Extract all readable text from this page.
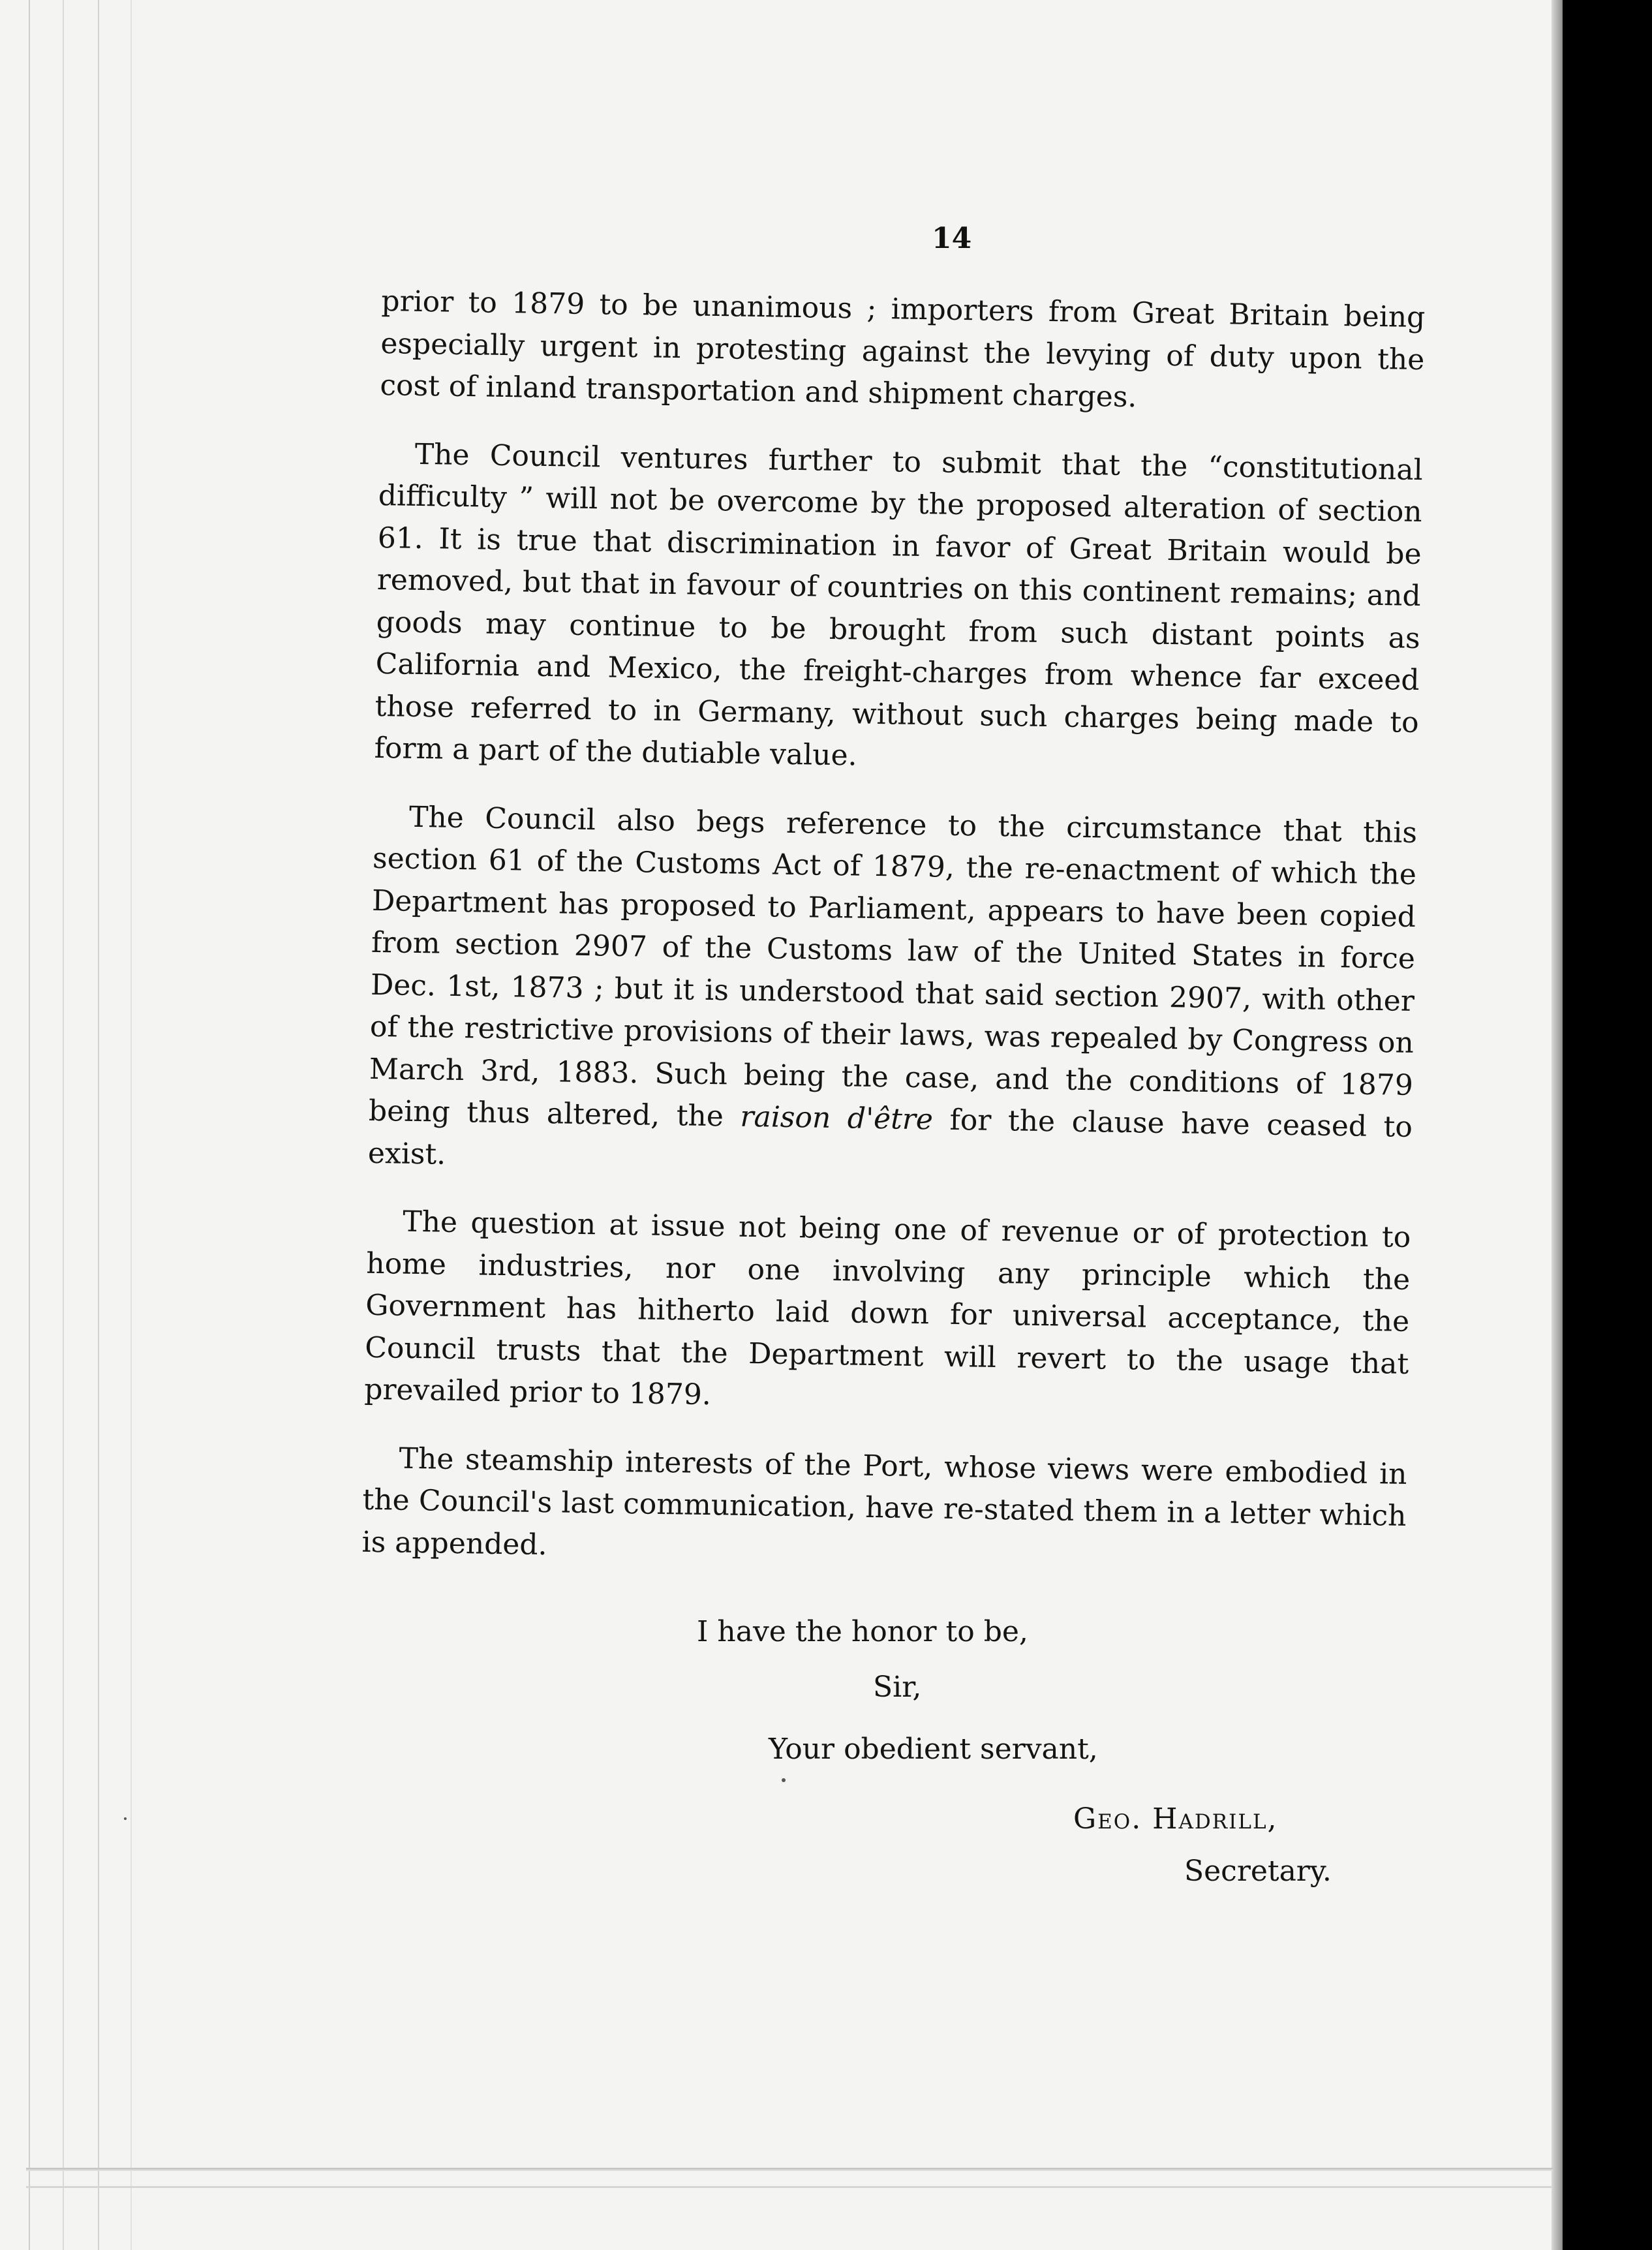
14

prior to 1879 to be unanimous ; importers from Great Britain being especially urgent in protesting against the levying of duty upon the cost of inland transportation and shipment charges.

The Council ventures further to submit that the “constitutional difficulty ” will not be overcome by the proposed alteration of section 61. It is true that discrimination in favor of Great Britain would be removed, but that in favour of countries on this continent remains; and goods may continue to be brought from such distant points as California and Mexico, the freight-charges from whence far exceed those referred to in Germany, without such charges being made to form a part of the dutiable value.

The Council also begs reference to the circumstance that this section 61 of the Customs Act of 1879, the re-enactment of which the Department has proposed to Parliament, appears to have been copied from section 2907 of the Customs law of the United States in force Dec. 1st, 1873 ; but it is understood that said section 2907, with other of the restrictive provisions of their laws, was repealed by Congress on March 3rd, 1883. Such being the case, and the conditions of 1879 being thus altered, the raison d'être for the clause have ceased to exist.

The question at issue not being one of revenue or of protection to home industries, nor one involving any principle which the Government has hitherto laid down for universal acceptance, the Council trusts that the Department will revert to the usage that prevailed prior to 1879.

The steamship interests of the Port, whose views were embodied in the Council's last communication, have re-stated them in a letter which is appended.

I have the honor to be,
Sir,
Your obedient servant,
Geo. Hadrill,
Secretary.
